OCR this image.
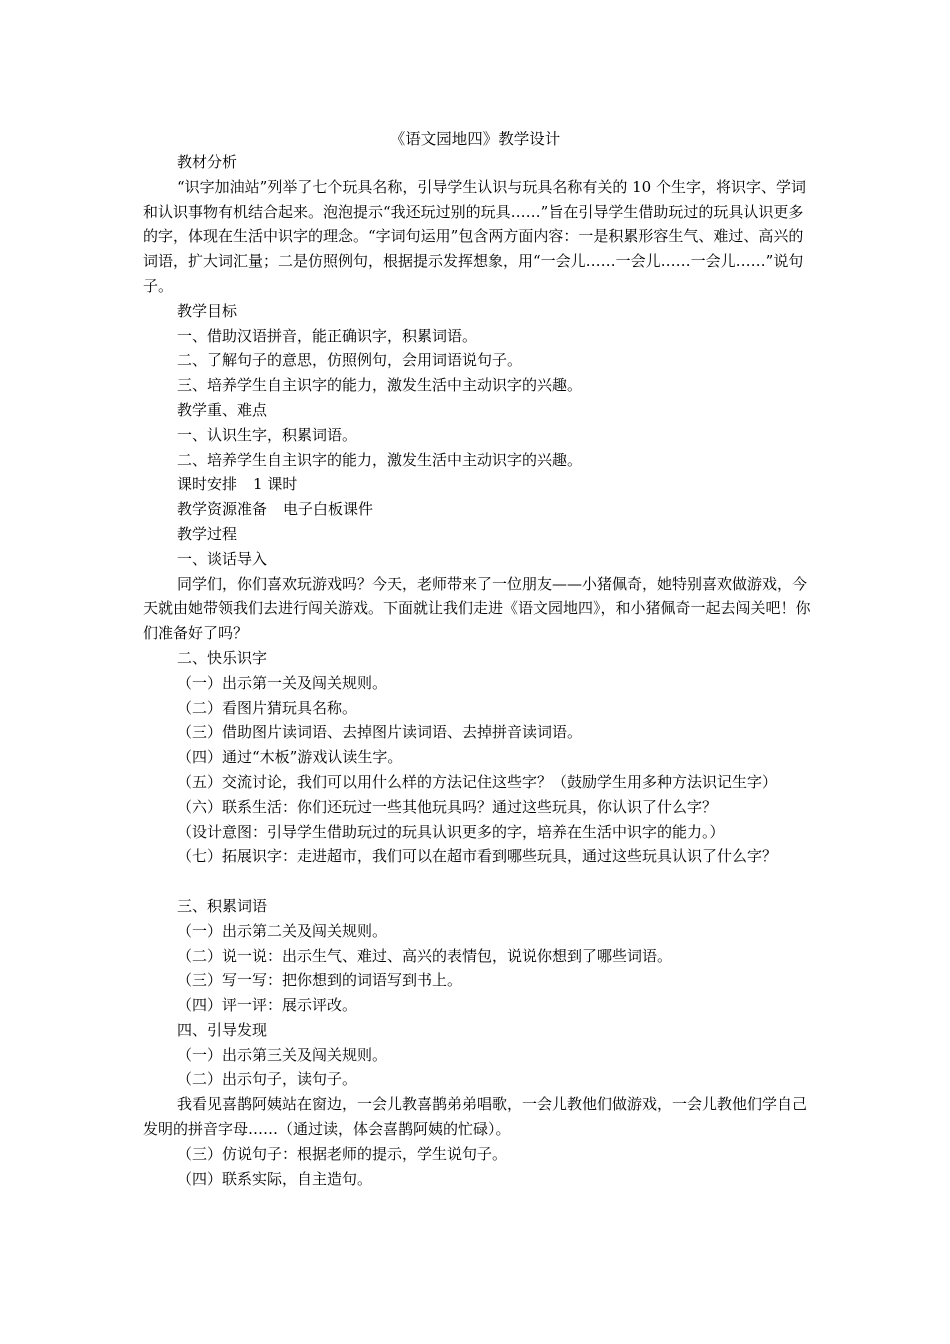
《语文园地四》教学设计

教材分析

“识字加油站”列举了七个玩具名称，引导学生认识与玩具名称有关的 10 个生字，将识字、学词和认识事物有机结合起来。泡泡提示“我还玩过别的玩具……”旨在引导学生借助玩过的玩具认识更多的字，体现在生活中识字的理念。“字词句运用”包含两方面内容：一是积累形容生气、难过、高兴的词语，扩大词汇量；二是仿照例句，根据提示发挥想象，用“一会儿……一会儿……一会儿……”说句子。

教学目标

一、借助汉语拼音，能正确识字，积累词语。

二、了解句子的意思，仿照例句，会用词语说句子。

三、培养学生自主识字的能力，激发生活中主动识字的兴趣。

教学重、难点

一、认识生字，积累词语。

二、培养学生自主识字的能力，激发生活中主动识字的兴趣。

课时安排 1 课时

教学资源准备 电子白板课件

教学过程

一、谈话导入

同学们，你们喜欢玩游戏吗？今天，老师带来了一位朋友——小猪佩奇，她特别喜欢做游戏，今天就由她带领我们去进行闯关游戏。下面就让我们走进《语文园地四》，和小猪佩奇一起去闯关吧！你们准备好了吗？

二、快乐识字

（一）出示第一关及闯关规则。

（二）看图片猜玩具名称。

（三）借助图片读词语、去掉图片读词语、去掉拼音读词语。

（四）通过“木板”游戏认读生字。

（五）交流讨论，我们可以用什么样的方法记住这些字？（鼓励学生用多种方法识记生字）

（六）联系生活：你们还玩过一些其他玩具吗？通过这些玩具，你认识了什么字？

（设计意图：引导学生借助玩过的玩具认识更多的字，培养在生活中识字的能力。）

（七）拓展识字：走进超市，我们可以在超市看到哪些玩具，通过这些玩具认识了什么字？

三、积累词语

（一）出示第二关及闯关规则。

（二）说一说：出示生气、难过、高兴的表情包，说说你想到了哪些词语。

（三）写一写：把你想到的词语写到书上。

（四）评一评：展示评改。

四、引导发现

（一）出示第三关及闯关规则。

（二）出示句子，读句子。

我看见喜鹊阿姨站在窗边，一会儿教喜鹊弟弟唱歌，一会儿教他们做游戏，一会儿教他们学自己发明的拼音字母……（通过读，体会喜鹊阿姨的忙碌）。

（三）仿说句子：根据老师的提示，学生说句子。

（四）联系实际，自主造句。
